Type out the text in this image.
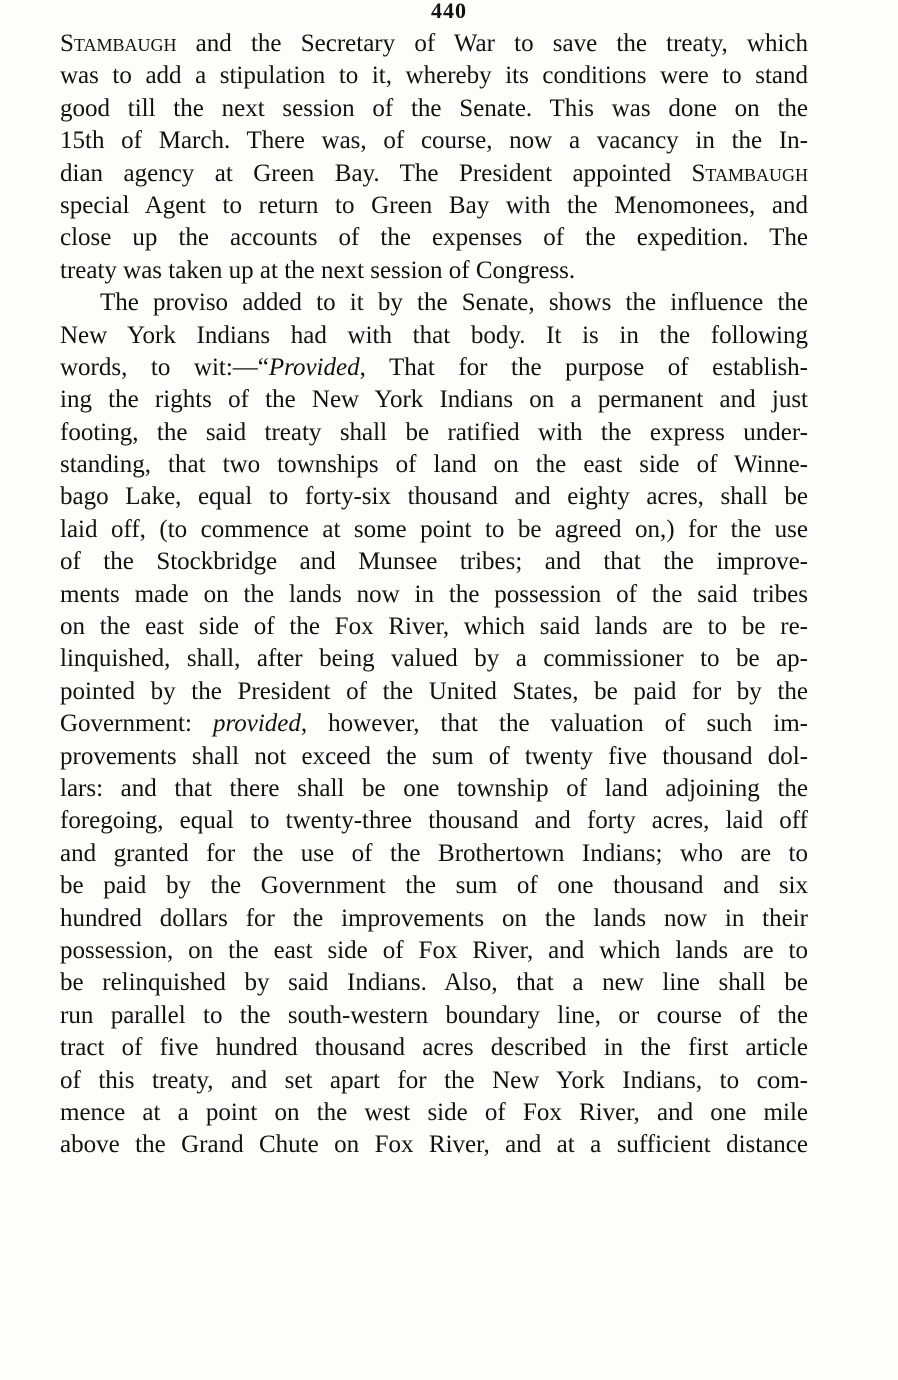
440
Stambaugh and the Secretary of War to save the treaty, which
was to add a stipulation to it, whereby its conditions were to stand
good till the next session of the Senate. This was done on the
15th of March. There was, of course, now a vacancy in the In-
dian agency at Green Bay. The President appointed Stambaugh
special Agent to return to Green Bay with the Menomonees, and
close up the accounts of the expenses of the expedition. The
treaty was taken up at the next session of Congress.
The proviso added to it by the Senate, shows the influence the
New York Indians had with that body. It is in the following
words, to wit:—“Provided, That for the purpose of establish-
ing the rights of the New York Indians on a permanent and just
footing, the said treaty shall be ratified with the express under-
standing, that two townships of land on the east side of Winne-
bago Lake, equal to forty-six thousand and eighty acres, shall be
laid off, (to commence at some point to be agreed on,) for the use
of the Stockbridge and Munsee tribes; and that the improve-
ments made on the lands now in the possession of the said tribes
on the east side of the Fox River, which said lands are to be re-
linquished, shall, after being valued by a commissioner to be ap-
pointed by the President of the United States, be paid for by the
Government: provided, however, that the valuation of such im-
provements shall not exceed the sum of twenty five thousand dol-
lars: and that there shall be one township of land adjoining the
foregoing, equal to twenty-three thousand and forty acres, laid off
and granted for the use of the Brothertown Indians; who are to
be paid by the Government the sum of one thousand and six
hundred dollars for the improvements on the lands now in their
possession, on the east side of Fox River, and which lands are to
be relinquished by said Indians. Also, that a new line shall be
run parallel to the south-western boundary line, or course of the
tract of five hundred thousand acres described in the first article
of this treaty, and set apart for the New York Indians, to com-
mence at a point on the west side of Fox River, and one mile
above the Grand Chute on Fox River, and at a sufficient distance
